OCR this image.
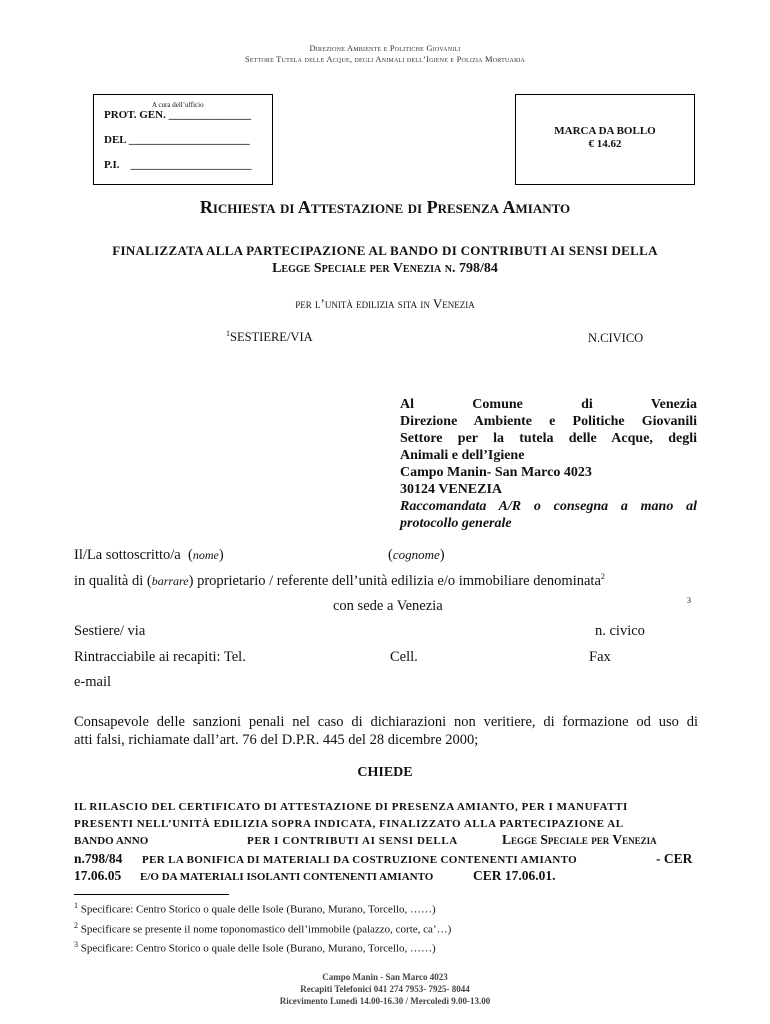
Direzione Ambiente e Politiche Giovanili
Settore Tutela delle Acque, degli Animali dell’Igiene e Polizia Mortuaria
A cura dell’ufficio
PROT. GEN. _______________
DEL ______________________
P.I.    ______________________
MARCA DA BOLLO
€ 14.62
Richiesta di Attestazione di Presenza Amianto
FINALIZZATA ALLA PARTECIPAZIONE AL BANDO DI CONTRIBUTI AI SENSI DELLA
Legge Speciale per Venezia n. 798/84
per l’unità edilizia sita in Venezia
$^1$SESTIERE/VIA	N.CIVICO
Al Comune di Venezia
Direzione Ambiente e Politiche Giovanili
Settore per la tutela delle Acque, degli
Animali e dell’Igiene
Campo Manin- San Marco 4023
30124 VENEZIA
Raccomandata A/R o consegna a mano al
protocollo generale
Il/La sottoscritto/a  (nome)	(cognome)
in qualità di (barrare) proprietario / referente dell’unità edilizia e/o immobiliare denominata$^2$
con sede a Venezia	3
Sestiere/ via	n. civico
Rintracciabile ai recapiti: Tel.	Cell.	Fax
e-mail
Consapevole delle sanzioni penali nel caso di dichiarazioni non veritiere, di formazione od uso di
atti falsi, richiamate dall’art. 76 del D.P.R. 445 del 28 dicembre 2000;
CHIEDE
IL RILASCIO DEL CERTIFICATO DI ATTESTAZIONE DI PRESENZA AMIANTO, PER I MANUFATTI
PRESENTI NELL’UNITÀ EDILIZIA SOPRA INDICATA, FINALIZZATO ALLA PARTECIPAZIONE AL
BANDO ANNO	PER I CONTRIBUTI AI SENSI DELLA	Legge Speciale per Venezia
n.798/84 PER LA BONIFICA DI MATERIALI DA COSTRUZIONE CONTENENTI AMIANTO	- CER
17.06.05 E/O DA MATERIALI ISOLANTI CONTENENTI AMIANTO	CER 17.06.01.
$^1$ Specificare: Centro Storico o quale delle Isole (Burano, Murano, Torcello, ……)
$^2$ Specificare se presente il nome toponomastico dell’immobile (palazzo, corte, ca’…)
$^3$ Specificare: Centro Storico o quale delle Isole (Burano, Murano, Torcello, ……)
Campo Manin - San Marco 4023
Recapiti Telefonici 041 274 7953- 7925- 8044
Ricevimento Lunedì 14.00-16.30 / Mercoledì 9.00-13.00
